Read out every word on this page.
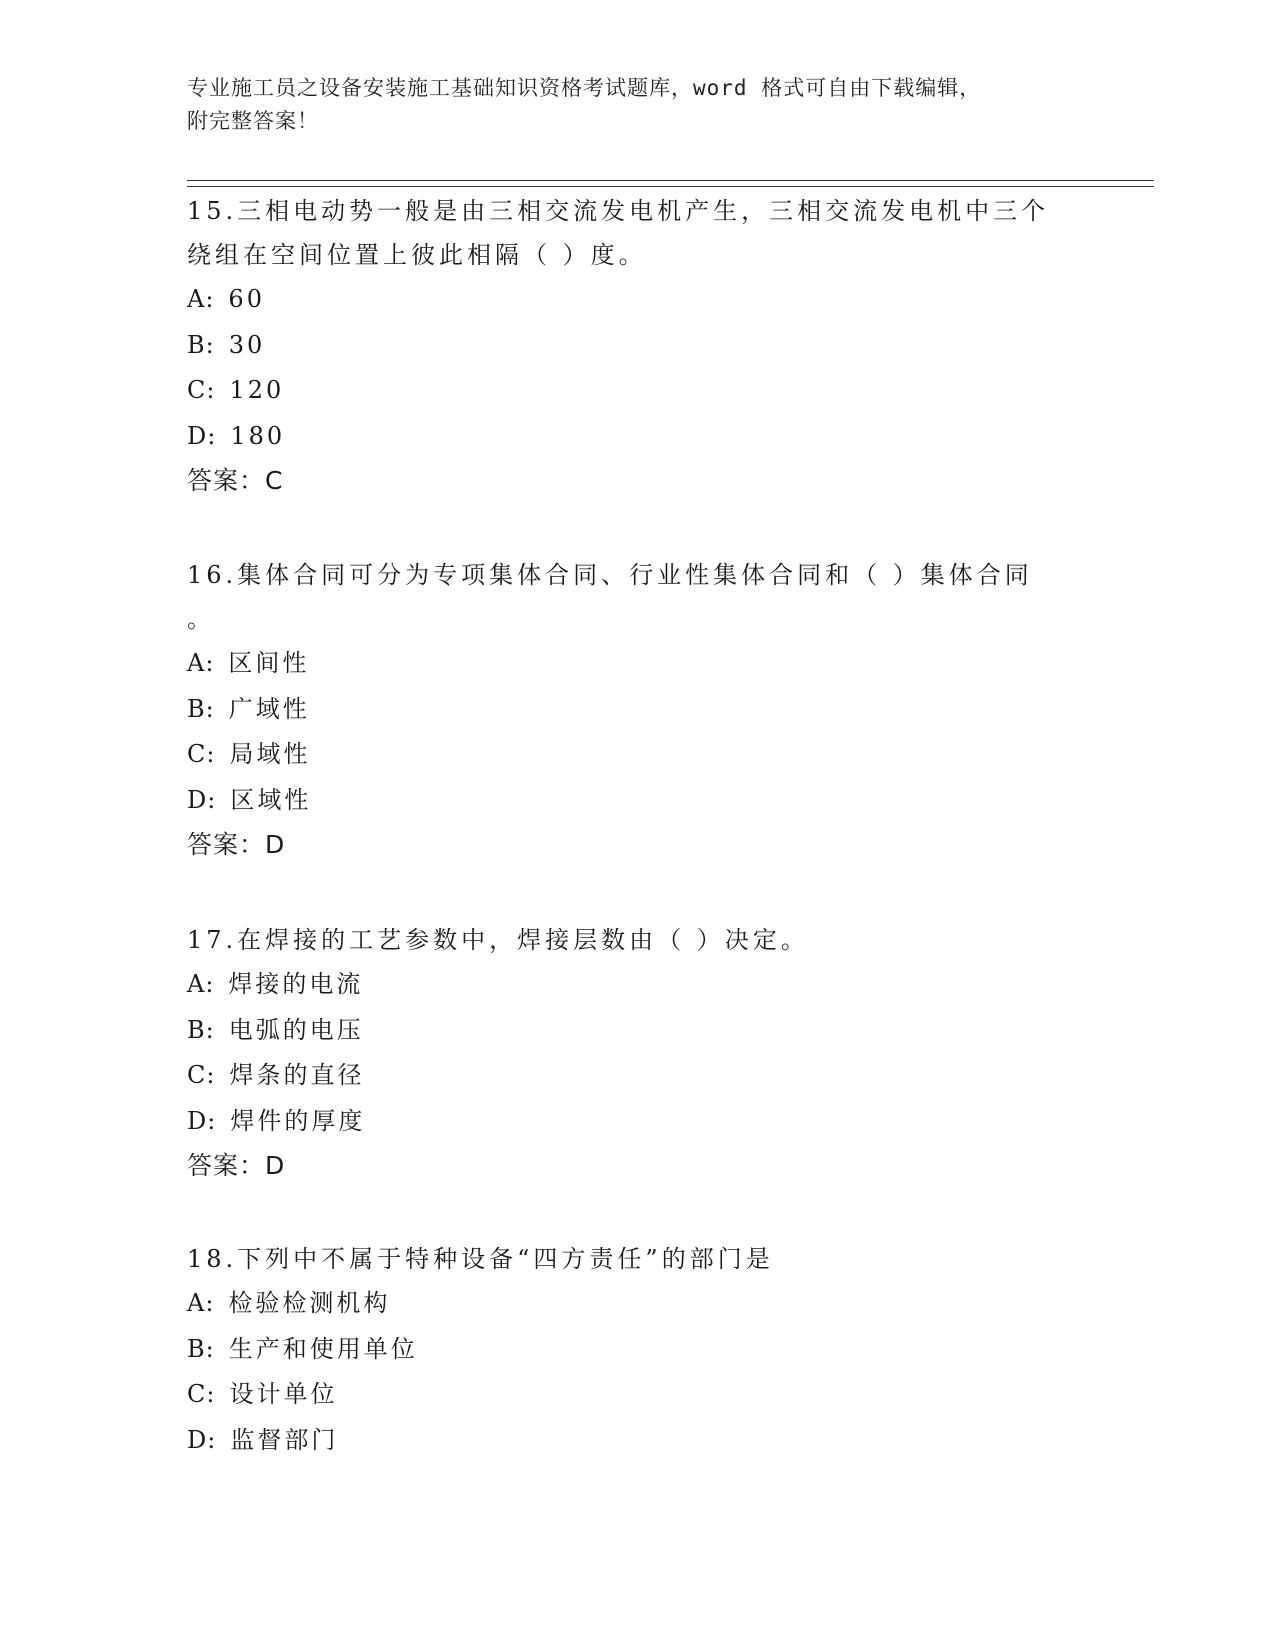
专业施工员之设备安装施工基础知识资格考试题库，word 格式可自由下载编辑，

附完整答案！

15.三相电动势一般是由三相交流发电机产生，三相交流发电机中三个

绕组在空间位置上彼此相隔（ ）度。

A: 60

B: 30

C: 120

D: 180

答案：C

16.集体合同可分为专项集体合同、行业性集体合同和（ ）集体合同

。

A: 区间性

B: 广域性

C: 局域性

D: 区域性

答案：D

17.在焊接的工艺参数中，焊接层数由（ ）决定。

A: 焊接的电流

B: 电弧的电压

C: 焊条的直径

D: 焊件的厚度

答案：D

18.下列中不属于特种设备“四方责任”的部门是

A: 检验检测机构

B: 生产和使用单位

C: 设计单位

D: 监督部门
